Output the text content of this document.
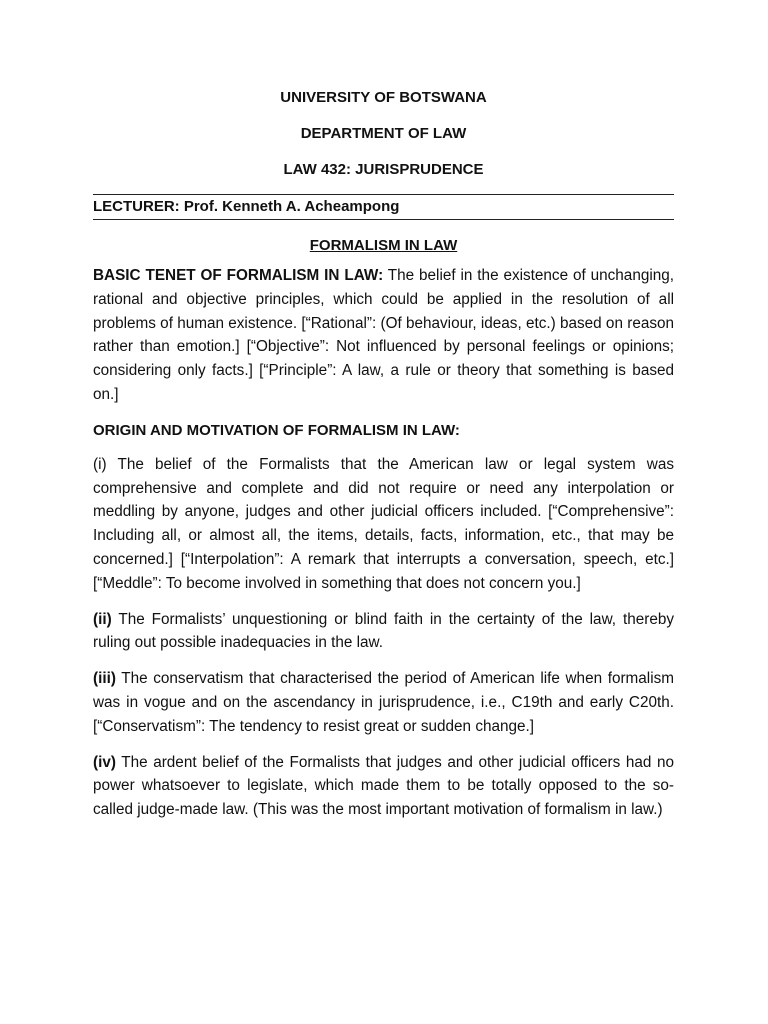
UNIVERSITY OF BOTSWANA
DEPARTMENT OF LAW
LAW 432: JURISPRUDENCE
LECTURER: Prof. Kenneth A. Acheampong
FORMALISM IN LAW

BASIC TENET OF FORMALISM IN LAW: The belief in the existence of unchanging, rational and objective principles, which could be applied in the resolution of all problems of human existence. [“Rational”: (Of behaviour, ideas, etc.) based on reason rather than emotion.] [“Objective”: Not influenced by personal feelings or opinions; considering only facts.] [“Principle”: A law, a rule or theory that something is based on.]

ORIGIN AND MOTIVATION OF FORMALISM IN LAW:

(i) The belief of the Formalists that the American law or legal system was comprehensive and complete and did not require or need any interpolation or meddling by anyone, judges and other judicial officers included. [“Comprehensive”: Including all, or almost all, the items, details, facts, information, etc., that may be concerned.] [“Interpolation”: A remark that interrupts a conversation, speech, etc.] [“Meddle”: To become involved in something that does not concern you.]

(ii) The Formalists’ unquestioning or blind faith in the certainty of the law, thereby ruling out possible inadequacies in the law.

(iii) The conservatism that characterised the period of American life when formalism was in vogue and on the ascendancy in jurisprudence, i.e., C19th and early C20th. [“Conservatism”: The tendency to resist great or sudden change.]

(iv) The ardent belief of the Formalists that judges and other judicial officers had no power whatsoever to legislate, which made them to be totally opposed to the so-called judge-made law. (This was the most important motivation of formalism in law.)
